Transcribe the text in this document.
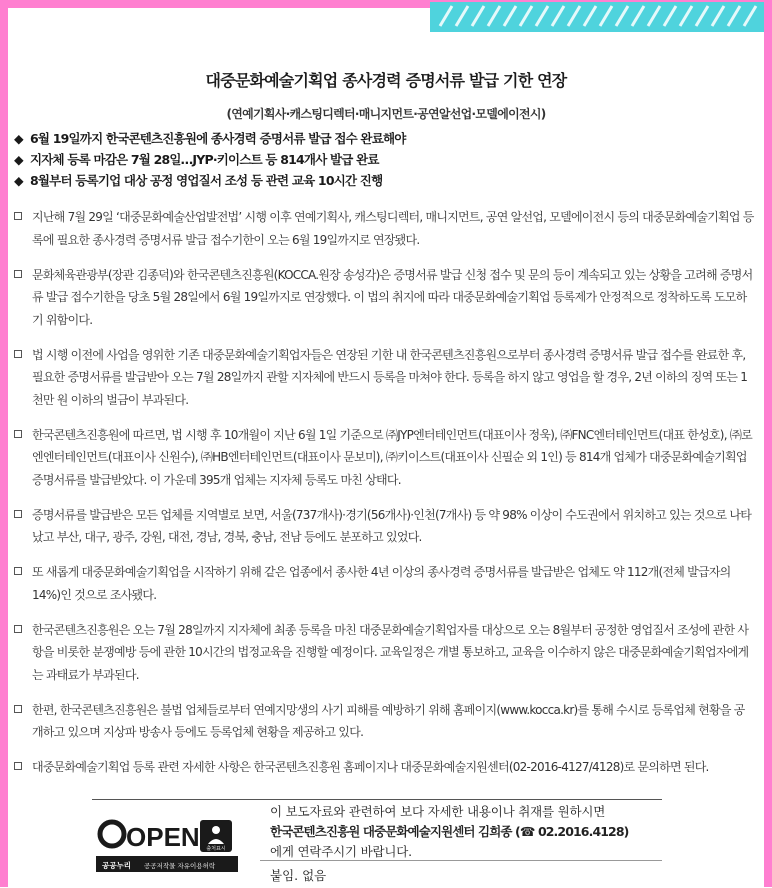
대중문화예술기획업 종사경력 증명서류 발급 기한 연장
(연예기획사·캐스팅디렉터·매니지먼트·공연알선업·모델에이전시)
◆ 6월 19일까지 한국콘텐츠진흥원에 종사경력 증명서류 발급 접수 완료해야
◆ 지자체 등록 마감은 7월 28일…JYP·키이스트 등 814개사 발급 완료
◆ 8월부터 등록기업 대상 공정 영업질서 조성 등 관련 교육 10시간 진행
지난해 7월 29일 ‘대중문화예술산업발전법’ 시행 이후 연예기획사, 캐스팅디렉터, 매니지먼트, 공연 알선업, 모델에이전시 등의 대중문화예술기획업 등록에 필요한 종사경력 증명서류 발급 접수기한이 오는 6월 19일까지로 연장됐다.
문화체육관광부(장관 김종덕)와 한국콘텐츠진흥원(KOCCA.원장 송성각)은 증명서류 발급 신청 접수 및 문의 등이 계속되고 있는 상황을 고려해 증명서류 발급 접수기한을 당초 5월 28일에서 6월 19일까지로 연장했다. 이 법의 취지에 따라 대중문화예술기획업 등록제가 안정적으로 정착하도록 도모하기 위함이다.
법 시행 이전에 사업을 영위한 기존 대중문화예술기획업자들은 연장된 기한 내 한국콘텐츠진흥원으로부터 종사경력 증명서류 발급 접수를 완료한 후, 필요한 증명서류를 발급받아 오는 7월 28일까지 관할 지자체에 반드시 등록을 마쳐야 한다. 등록을 하지 않고 영업을 할 경우, 2년 이하의 징역 또는 1천만 원 이하의 벌금이 부과된다.
한국콘텐츠진흥원에 따르면, 법 시행 후 10개월이 지난 6월 1일 기준으로 ㈜JYP엔터테인먼트(대표이사 정욱), ㈜FNC엔터테인먼트(대표 한성호), ㈜로엔엔터테인먼트(대표이사 신원수), ㈜HB엔터테인먼트(대표이사 문보미), ㈜키이스트(대표이사 신필순 외 1인) 등 814개 업체가 대중문화예술기획업 증명서류를 발급받았다. 이 가운데 395개 업체는 지자체 등록도 마친 상태다.
증명서류를 발급받은 모든 업체를 지역별로 보면, 서울(737개사)·경기(56개사)·인천(7개사) 등 약 98% 이상이 수도권에서 위치하고 있는 것으로 나타났고 부산, 대구, 광주, 강원, 대전, 경남, 경북, 충남, 전남 등에도 분포하고 있었다.
또 새롭게 대중문화예술기획업을 시작하기 위해 같은 업종에서 종사한 4년 이상의 종사경력 증명서류를 발급받은 업체도 약 112개(전체 발급자의 14%)인 것으로 조사됐다.
한국콘텐츠진흥원은 오는 7월 28일까지 지자체에 최종 등록을 마친 대중문화예술기획업자를 대상으로 오는 8월부터 공정한 영업질서 조성에 관한 사항을 비롯한 분쟁예방 등에 관한 10시간의 법정교육을 진행할 예정이다. 교육일정은 개별 통보하고, 교육을 이수하지 않은 대중문화예술기획업자에게는 과태료가 부과된다.
한편, 한국콘텐츠진흥원은 불법 업체들로부터 연예지망생의 사기 피해를 예방하기 위해 홈페이지(www.kocca.kr)를 통해 수시로 등록업체 현황을 공개하고 있으며 지상파 방송사 등에도 등록업체 현황을 제공하고 있다.
대중문화예술기획업 등록 관련 자세한 사항은 한국콘텐츠진흥원 홈페이지나 대중문화예술지원센터(02-2016-4127/4128)로 문의하면 된다.
OPEN 출처표시
공공누리 공공저작물 자유이용허락
이 보도자료와 관련하여 보다 자세한 내용이나 취재를 원하시면
한국콘텐츠진흥원 대중문화예술지원센터 김희종 (☎ 02.2016.4128)
에게 연락주시기 바랍니다.
붙임. 없음
